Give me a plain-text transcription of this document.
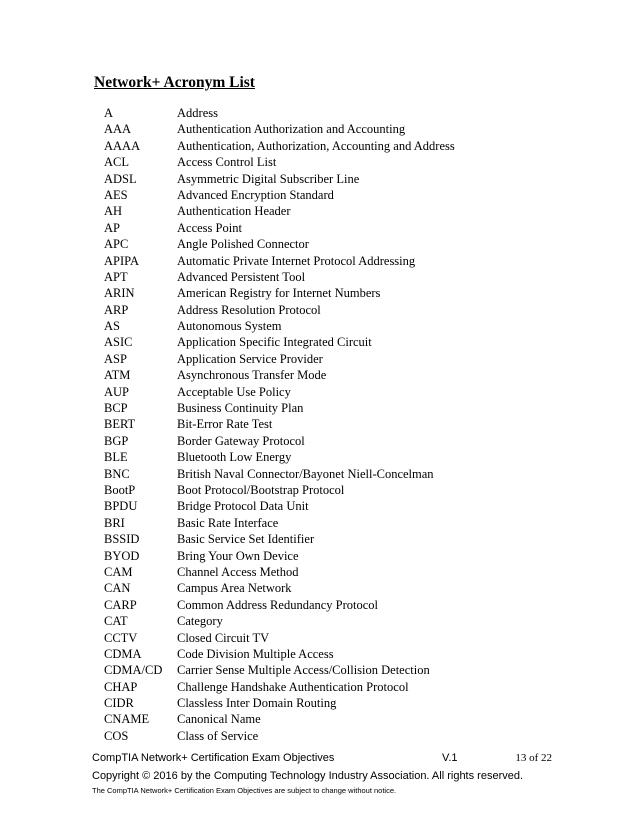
Network+ Acronym List
A	Address
AAA	Authentication Authorization and Accounting
AAAA	Authentication, Authorization, Accounting and Address
ACL	Access Control List
ADSL	Asymmetric Digital Subscriber Line
AES	Advanced Encryption Standard
AH	Authentication Header
AP	Access Point
APC	Angle Polished Connector
APIPA	Automatic Private Internet Protocol Addressing
APT	Advanced Persistent Tool
ARIN	American Registry for Internet Numbers
ARP	Address Resolution Protocol
AS	Autonomous System
ASIC	Application Specific Integrated Circuit
ASP	Application Service Provider
ATM	Asynchronous Transfer Mode
AUP	Acceptable Use Policy
BCP	Business Continuity Plan
BERT	Bit-Error Rate Test
BGP	Border Gateway Protocol
BLE	Bluetooth Low Energy
BNC	British Naval Connector/Bayonet Niell-Concelman
BootP	Boot Protocol/Bootstrap Protocol
BPDU	Bridge Protocol Data Unit
BRI	Basic Rate Interface
BSSID	Basic Service Set Identifier
BYOD	Bring Your Own Device
CAM	Channel Access Method
CAN	Campus Area Network
CARP	Common Address Redundancy Protocol
CAT	Category
CCTV	Closed Circuit TV
CDMA	Code Division Multiple Access
CDMA/CD Carrier Sense Multiple Access/Collision Detection
CHAP	Challenge Handshake Authentication Protocol
CIDR	Classless Inter Domain Routing
CNAME Canonical Name
COS	Class of Service
CompTIA Network+ Certification Exam Objectives	V.1	13 of 22
Copyright © 2016 by the Computing Technology Industry Association. All rights reserved.
The CompTIA Network+ Certification Exam Objectives are subject to change without notice.
